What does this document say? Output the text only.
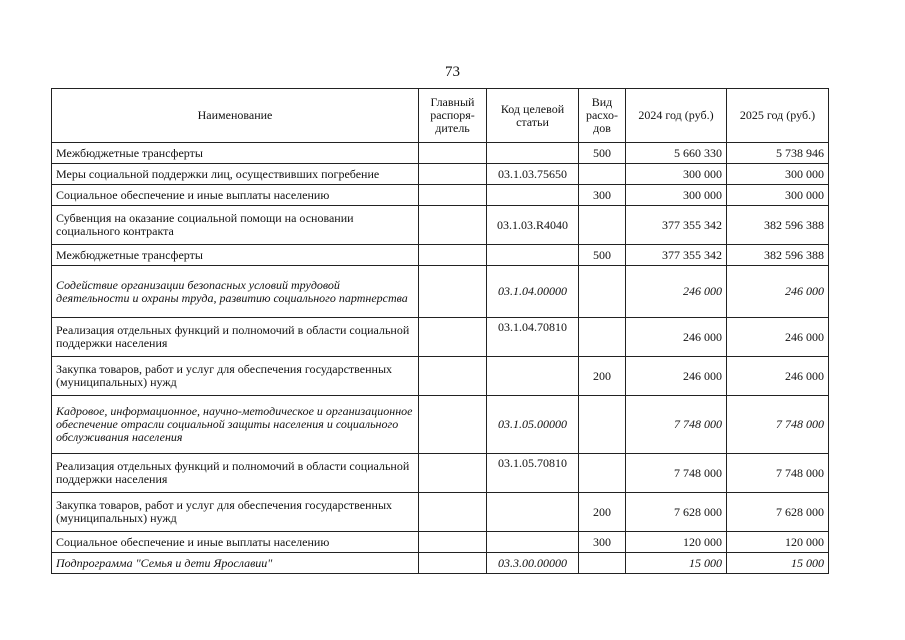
73
Наименование	Главный распоря-дитель	Код целевой статьи	Вид расхо-дов	2024 год (руб.)	2025 год (руб.)
Межбюджетные трансферты			500	5 660 330	5 738 946
Меры социальной поддержки лиц, осуществивших погребение		03.1.03.75650		300 000	300 000
Социальное обеспечение и иные выплаты населению			300	300 000	300 000
Субвенция на оказание социальной помощи на основании социального контракта		03.1.03.R4040		377 355 342	382 596 388
Межбюджетные трансферты			500	377 355 342	382 596 388
Содействие организации безопасных условий трудовой деятельности и охраны труда, развитию социального партнерства		03.1.04.00000		246 000	246 000
Реализация отдельных функций и полномочий в области социальной поддержки населения		03.1.04.70810		246 000	246 000
Закупка товаров, работ и услуг для обеспечения государственных (муниципальных) нужд			200	246 000	246 000
Кадровое, информационное, научно-методическое и организационное обеспечение отрасли социальной защиты населения и социального обслуживания населения		03.1.05.00000		7 748 000	7 748 000
Реализация отдельных функций и полномочий в области социальной поддержки населения		03.1.05.70810		7 748 000	7 748 000
Закупка товаров, работ и услуг для обеспечения государственных (муниципальных) нужд			200	7 628 000	7 628 000
Социальное обеспечение и иные выплаты населению			300	120 000	120 000
Подпрограмма "Семья и дети Ярославии"		03.3.00.00000		15 000	15 000
